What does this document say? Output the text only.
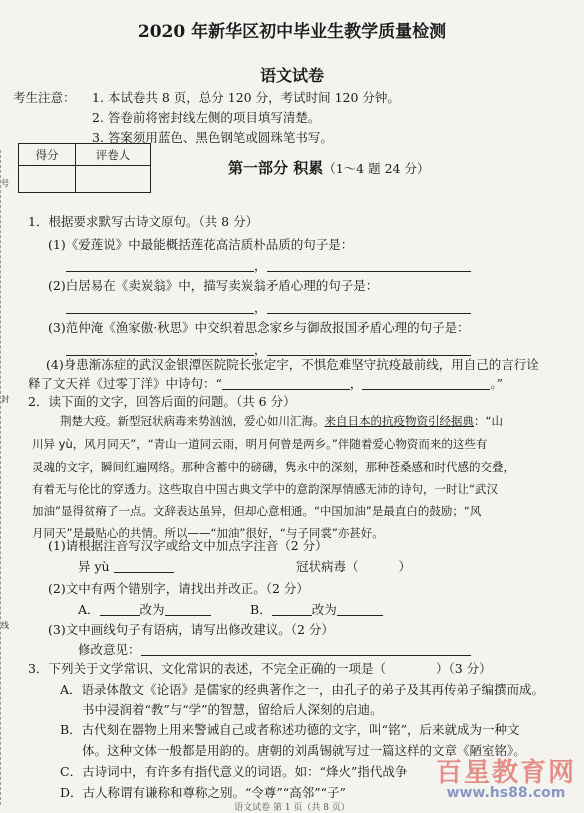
号
封
线
2020 年新华区初中毕业生教学质量检测
语文试卷
考生注意： 1. 本试卷共 8 页，总分 120 分，考试时间 120 分钟。
2. 答卷前将密封线左侧的项目填写清楚。
3. 答案须用蓝色、黑色钢笔或圆珠笔书写。
得分	评卷人

第一部分 积累（1～4 题 24 分）
1．根据要求默写古诗文原句。（共 8 分）
(1)《爱莲说》中最能概括莲花高洁质朴品质的句子是：
，
(2)白居易在《卖炭翁》中，描写卖炭翁矛盾心理的句子是：
，
(3)范仲淹《渔家傲·秋思》中交织着思念家乡与御敌报国矛盾心理的句子是：
，
(4)身患渐冻症的武汉金银潭医院院长张定宇，不惧危难坚守抗疫最前线，用自己的言行诠
释了文天祥《过零丁洋》中诗句：“	，	。”
2．读下面的文字，回答后面的问题。（共 6 分）
荆楚大疫。新型冠状病毒来势汹汹，爱心如川汇海。来自日本的抗疫物资引经据典：“山
川异 yù，风月同天”，“青山一道同云雨，明月何曾是两乡。”伴随着爱心物资而来的这些有
灵魂的文字，瞬间红遍网络。那种含蓄中的磅礴，隽永中的深刻，那种苍桑感和时代感的交叠，
有着无与伦比的穿透力。这些取自中国古典文学中的意韵深厚情感无沛的诗句，一时让“武汉
加油”显得贫瘠了一点。文辞表达虽异，但却心意相通。“中国加油”是最直白的鼓励；“风
月同天”是最贴心的共情。所以——“加油”很好，“与子同裳”亦甚好。
(1)请根据注音写汉字或给文中加点字注音（2 分）
异 yù	冠状病毒（	）
(2)文中有两个错别字，请找出并改正。（2 分）
A．	改为	B．	改为
(3)文中画线句子有语病，请写出修改建议。（2 分）
修改意见：
3．下列关于文学常识、文化常识的表述，不完全正确的一项是（	）（3 分）
A．语录体散文《论语》是儒家的经典著作之一，由孔子的弟子及其再传弟子编撰而成。
书中浸润着“教”与“学”的智慧，留给后人深刻的启迪。
B．古代刻在器物上用来警诫自己或者称述功德的文字，叫“铭”，后来就成为一种文
体。这种文体一般都是用韵的。唐朝的刘禹锡就写过一篇这样的文章《陋室铭》。
C．古诗词中，有许多有指代意义的词语。如：“烽火”指代战争
D．古人称谓有谦称和尊称之别。“令尊”“高邻”“子”
语文试卷 第 1 页（共 8 页）
百星教育网
www.hs88.com
